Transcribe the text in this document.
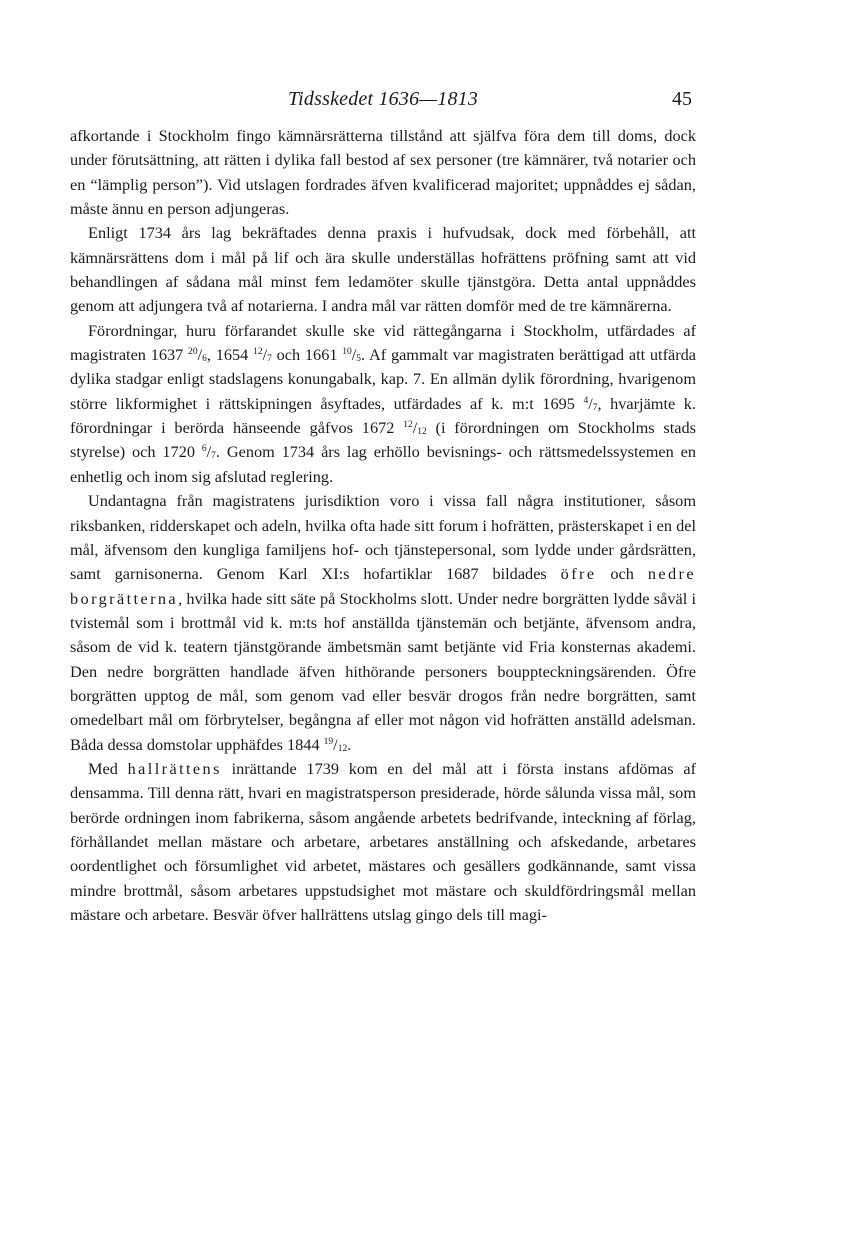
Tidsskedet 1636—1813	45

afkortande i Stockholm fingo kämnärsrätterna tillstånd att själfva föra dem till doms, dock under förutsättning, att rätten i dylika fall bestod af sex personer (tre kämnärer, två notarier och en “lämplig person”). Vid utslagen fordrades äfven kvalificerad majoritet; uppnåddes ej sådan, måste ännu en person adjungeras.

Enligt 1734 års lag bekräftades denna praxis i hufvudsak, dock med förbehåll, att kämnärsrättens dom i mål på lif och ära skulle underställas hofrättens pröfning samt att vid behandlingen af sådana mål minst fem ledamöter skulle tjänstgöra. Detta antal uppnåddes genom att adjungera två af notarierna. I andra mål var rätten domför med de tre kämnärerna.

Förordningar, huru förfarandet skulle ske vid rättegångarna i Stockholm, utfärdades af magistraten 1637 $^{20}/_6$, 1654 $^{12}/_7$ och 1661 $^{10}/_5$. Af gammalt var magistraten berättigad att utfärda dylika stadgar enligt stadslagens konungabalk, kap. 7. En allmän dylik förordning, hvarigenom större likformighet i rättskipningen åsyftades, utfärdades af k. m:t 1695 $^4/_7$, hvarjämte k. förordningar i berörda hänseende gåfvos 1672 $^{12}/_{12}$ (i förordningen om Stockholms stads styrelse) och 1720 $^6/_7$. Genom 1734 års lag erhöllo bevisnings- och rättsmedelssystemen en enhetlig och inom sig afslutad reglering.

Undantagna från magistratens jurisdiktion voro i vissa fall några institutioner, såsom riksbanken, ridderskapet och adeln, hvilka ofta hade sitt forum i hofrätten, prästerskapet i en del mål, äfvensom den kungliga familjens hof- och tjänstepersonal, som lydde under gårdsrätten, samt garnisonerna. Genom Karl XI:s hofartiklar 1687 bildades öfre och nedre borgrätterna, hvilka hade sitt säte på Stockholms slott. Under nedre borgrätten lydde såväl i tvistemål som i brottmål vid k. m:ts hof anställda tjänstemän och betjänte, äfvensom andra, såsom de vid k. teatern tjänstgörande ämbetsmän samt betjänte vid Fria konsternas akademi. Den nedre borgrätten handlade äfven hithörande personers bouppteckningsärenden. Öfre borgrätten upptog de mål, som genom vad eller besvär drogos från nedre borgrätten, samt omedelbart mål om förbrytelser, begångna af eller mot någon vid hofrätten anställd adelsman. Båda dessa domstolar upphäfdes 1844 $^{19}/_{12}$.

Med hallrättens inrättande 1739 kom en del mål att i första instans afdömas af densamma. Till denna rätt, hvari en magistratsperson presiderade, hörde sålunda vissa mål, som berörde ordningen inom fabrikerna, såsom angående arbetets bedrifvande, inteckning af förlag, förhållandet mellan mästare och arbetare, arbetares anställning och afskedande, arbetares oordentlighet och försumlighet vid arbetet, mästares och gesällers godkännande, samt vissa mindre brottmål, såsom arbetares uppstudsighet mot mästare och skuldfördringsmål mellan mästare och arbetare. Besvär öfver hallrättens utslag gingo dels till magi-
